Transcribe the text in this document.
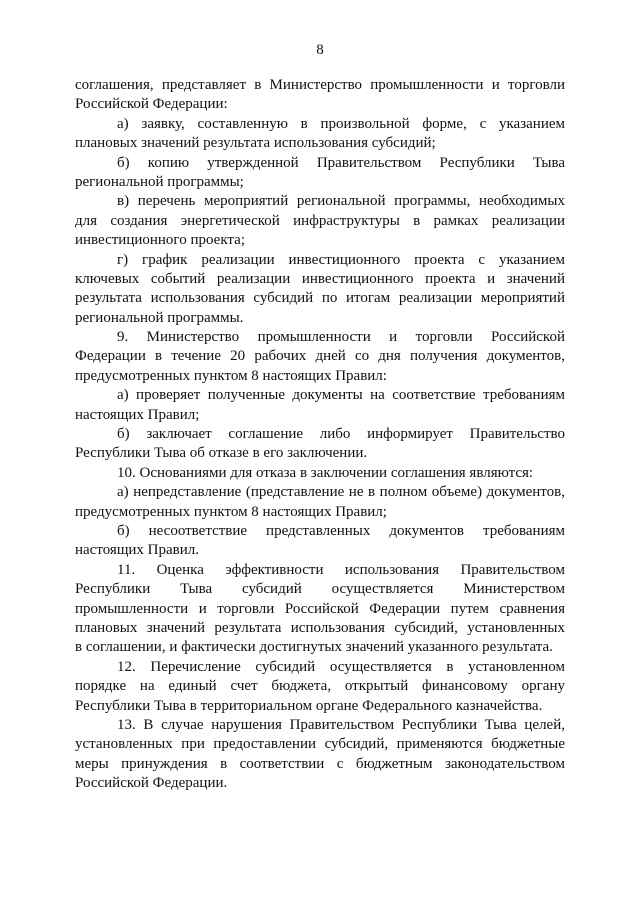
8
соглашения, представляет в Министерство промышленности и торговли
Российской Федерации:
а) заявку, составленную в произвольной форме, с указанием
плановых значений результата использования субсидий;
б) копию утвержденной Правительством Республики Тыва
региональной программы;
в) перечень мероприятий региональной программы, необходимых
для создания энергетической инфраструктуры в рамках реализации
инвестиционного проекта;
г) график реализации инвестиционного проекта с указанием
ключевых событий реализации инвестиционного проекта и значений
результата использования субсидий по итогам реализации мероприятий
региональной программы.
9. Министерство промышленности и торговли Российской
Федерации в течение 20 рабочих дней со дня получения документов,
предусмотренных пунктом 8 настоящих Правил:
а) проверяет полученные документы на соответствие требованиям
настоящих Правил;
б) заключает соглашение либо информирует Правительство
Республики Тыва об отказе в его заключении.
10. Основаниями для отказа в заключении соглашения являются:
а) непредставление (представление не в полном объеме) документов,
предусмотренных пунктом 8 настоящих Правил;
б) несоответствие представленных документов требованиям
настоящих Правил.
11. Оценка эффективности использования Правительством
Республики Тыва субсидий осуществляется Министерством
промышленности и торговли Российской Федерации путем сравнения
плановых значений результата использования субсидий, установленных
в соглашении, и фактически достигнутых значений указанного результата.
12. Перечисление субсидий осуществляется в установленном
порядке на единый счет бюджета, открытый финансовому органу
Республики Тыва в территориальном органе Федерального казначейства.
13. В случае нарушения Правительством Республики Тыва целей,
установленных при предоставлении субсидий, применяются бюджетные
меры принуждения в соответствии с бюджетным законодательством
Российской Федерации.
